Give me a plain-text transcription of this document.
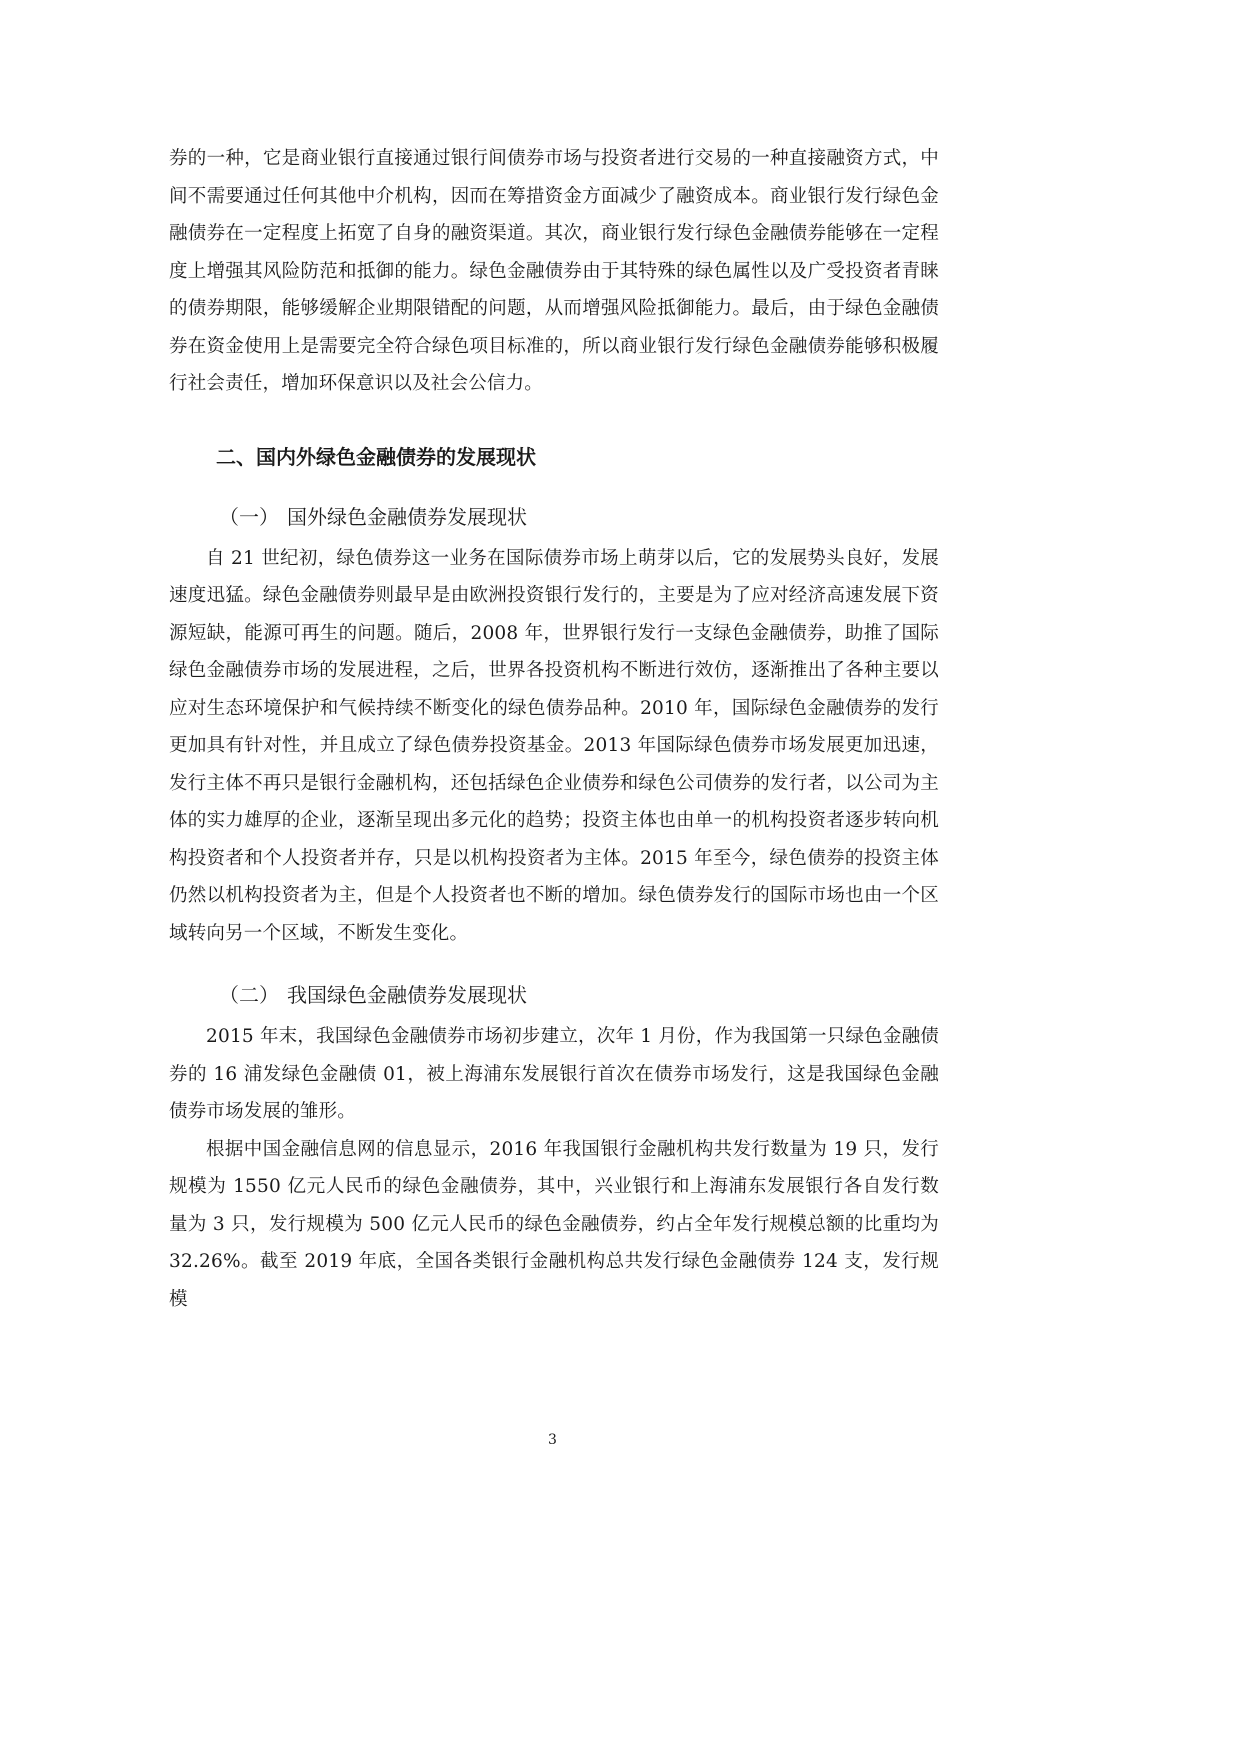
券的一种，它是商业银行直接通过银行间债券市场与投资者进行交易的一种直接融资方式，中间不需要通过任何其他中介机构，因而在筹措资金方面减少了融资成本。商业银行发行绿色金融债券在一定程度上拓宽了自身的融资渠道。其次，商业银行发行绿色金融债券能够在一定程度上增强其风险防范和抵御的能力。绿色金融债券由于其特殊的绿色属性以及广受投资者青睐的债券期限，能够缓解企业期限错配的问题，从而增强风险抵御能力。最后，由于绿色金融债券在资金使用上是需要完全符合绿色项目标准的，所以商业银行发行绿色金融债券能够积极履行社会责任，增加环保意识以及社会公信力。

二、国内外绿色金融债券的发展现状
（一） 国外绿色金融债券发展现状

自 21 世纪初，绿色债券这一业务在国际债券市场上萌芽以后，它的发展势头良好，发展速度迅猛。绿色金融债券则最早是由欧洲投资银行发行的，主要是为了应对经济高速发展下资源短缺，能源可再生的问题。随后，2008 年，世界银行发行一支绿色金融债券，助推了国际绿色金融债券市场的发展进程，之后，世界各投资机构不断进行效仿，逐渐推出了各种主要以应对生态环境保护和气候持续不断变化的绿色债券品种。2010 年，国际绿色金融债券的发行更加具有针对性，并且成立了绿色债券投资基金。2013 年国际绿色债券市场发展更加迅速，发行主体不再只是银行金融机构，还包括绿色企业债券和绿色公司债券的发行者，以公司为主体的实力雄厚的企业，逐渐呈现出多元化的趋势；投资主体也由单一的机构投资者逐步转向机构投资者和个人投资者并存，只是以机构投资者为主体。2015 年至今，绿色债券的投资主体仍然以机构投资者为主，但是个人投资者也不断的增加。绿色债券发行的国际市场也由一个区域转向另一个区域，不断发生变化。

（二） 我国绿色金融债券发展现状

2015 年末，我国绿色金融债券市场初步建立，次年 1 月份，作为我国第一只绿色金融债券的 16 浦发绿色金融债 01，被上海浦东发展银行首次在债券市场发行，这是我国绿色金融债券市场发展的雏形。

根据中国金融信息网的信息显示，2016 年我国银行金融机构共发行数量为 19 只，发行规模为 1550 亿元人民币的绿色金融债券，其中，兴业银行和上海浦东发展银行各自发行数量为 3 只，发行规模为 500 亿元人民币的绿色金融债券，约占全年发行规模总额的比重均为 32.26%。截至 2019 年底，全国各类银行金融机构总共发行绿色金融债券 124 支，发行规模

3
